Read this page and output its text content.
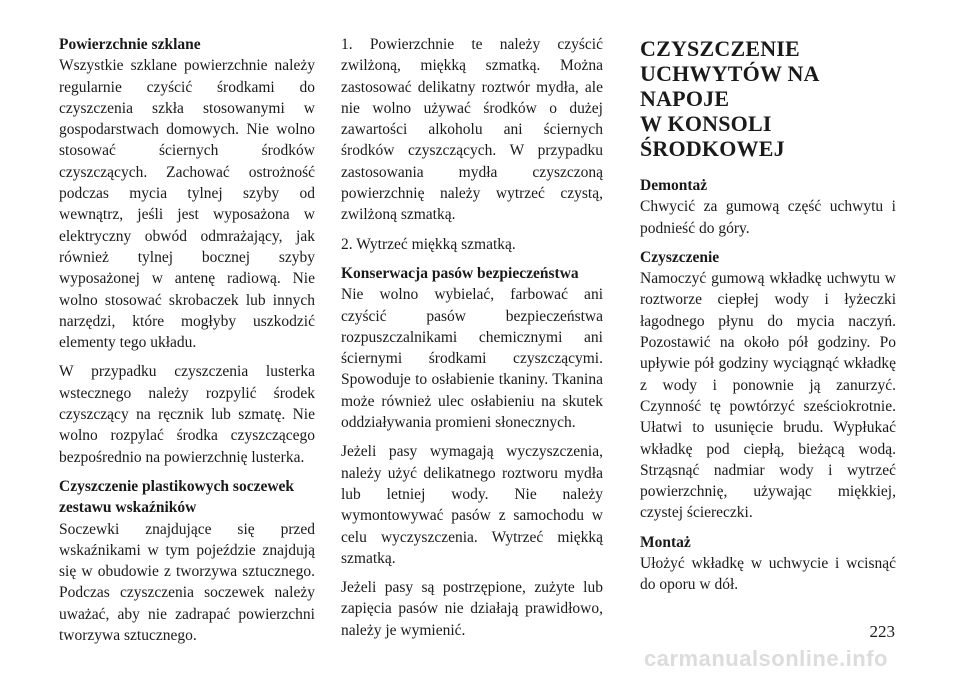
Powierzchnie szklane

Wszystkie szklane powierzchnie należy regularnie czyścić środkami do czyszczenia szkła stosowanymi w gospodarstwach domowych. Nie wolno stosować ściernych środków czyszczących. Zachować ostrożność podczas mycia tylnej szyby od wewnątrz, jeśli jest wyposażona w elektryczny obwód odmrażający, jak również tylnej bocznej szyby wyposażonej w antenę radiową. Nie wolno stosować skrobaczek lub innych narzędzi, które mogłyby uszkodzić elementy tego układu.

W przypadku czyszczenia lusterka wstecznego należy rozpylić środek czyszczący na ręcznik lub szmatę. Nie wolno rozpylać środka czyszczącego bezpośrednio na powierzchnię lusterka.

Czyszczenie plastikowych soczewek
zestawu wskaźników

Soczewki znajdujące się przed wskaźnikami w tym pojeździe znajdują się w obudowie z tworzywa sztucznego. Podczas czyszczenia soczewek należy uważać, aby nie zadrapać powierzchni tworzywa sztucznego.

1. Powierzchnie te należy czyścić zwilżoną, miękką szmatką. Można zastosować delikatny roztwór mydła, ale nie wolno używać środków o dużej zawartości alkoholu ani ściernych środków czyszczących. W przypadku zastosowania mydła czyszczoną powierzchnię należy wytrzeć czystą, zwilżoną szmatką.

2. Wytrzeć miękką szmatką.

Konserwacja pasów bezpieczeństwa

Nie wolno wybielać, farbować ani czyścić pasów bezpieczeństwa rozpuszczalnikami chemicznymi ani ściernymi środkami czyszczącymi. Spowoduje to osłabienie tkaniny. Tkanina może również ulec osłabieniu na skutek oddziaływania promieni słonecznych.

Jeżeli pasy wymagają wyczyszczenia, należy użyć delikatnego roztworu mydła lub letniej wody. Nie należy wymontowywać pasów z samochodu w celu wyczyszczenia. Wytrzeć miękką szmatką.

Jeżeli pasy są postrzępione, zużyte lub zapięcia pasów nie działają prawidłowo, należy je wymienić.

CZYSZCZENIE
UCHWYTÓW NA NAPOJE
W KONSOLI ŚRODKOWEJ
Demontaż

Chwycić za gumową część uchwytu i podnieść do góry.

Czyszczenie

Namoczyć gumową wkładkę uchwytu w roztworze ciepłej wody i łyżeczki łagodnego płynu do mycia naczyń. Pozostawić na około pół godziny. Po upływie pół godziny wyciągnąć wkładkę z wody i ponownie ją zanurzyć. Czynność tę powtórzyć sześciokrotnie. Ułatwi to usunięcie brudu. Wypłukać wkładkę pod ciepłą, bieżącą wodą. Strząsnąć nadmiar wody i wytrzeć powierzchnię, używając miękkiej, czystej ściereczki.

Montaż

Ułożyć wkładkę w uchwycie i wcisnąć do oporu w dół.

223
carmanualsonline.info
